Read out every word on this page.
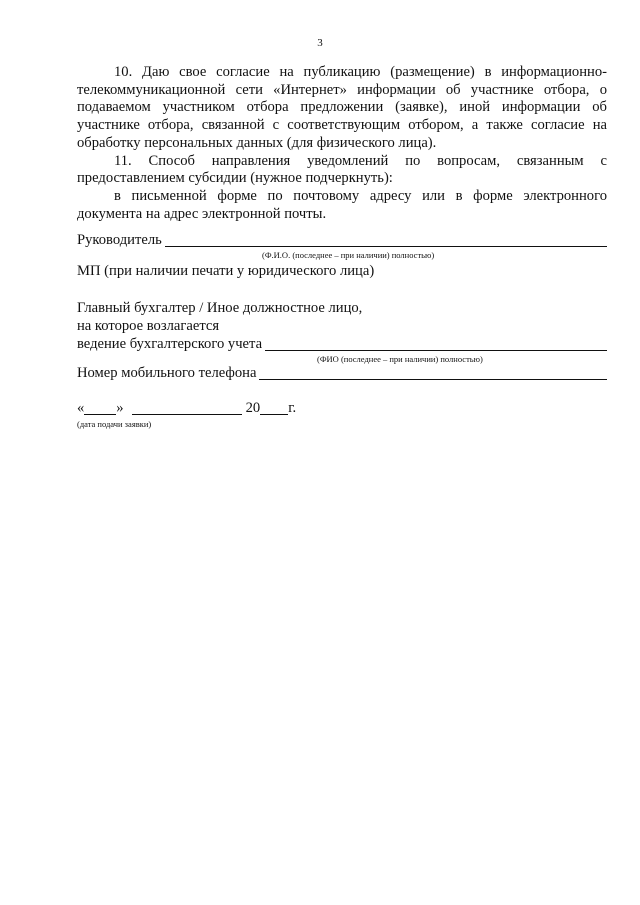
3

10. Даю свое согласие на публикацию (размещение) в информационно-телекоммуникационной сети «Интернет» информации об участнике отбора, о подаваемом участником отбора предложении (заявке), иной информации об участнике отбора, связанной с соответствующим отбором, а также согласие на обработку персональных данных (для физического лица).

11. Способ направления уведомлений по вопросам, связанным с предоставлением субсидии (нужное подчеркнуть):

в письменной форме по почтовому адресу или в форме электронного документа на адрес электронной почты.

Руководитель
(Ф.И.О. (последнее – при наличии) полностью)
МП (при наличии печати у юридического лица)
Главный бухгалтер / Иное должностное лицо,
на которое возлагается
ведение бухгалтерского учета
(ФИО (последнее – при наличии) полностью)
Номер мобильного телефона
« »	20 г.
(дата подачи заявки)
